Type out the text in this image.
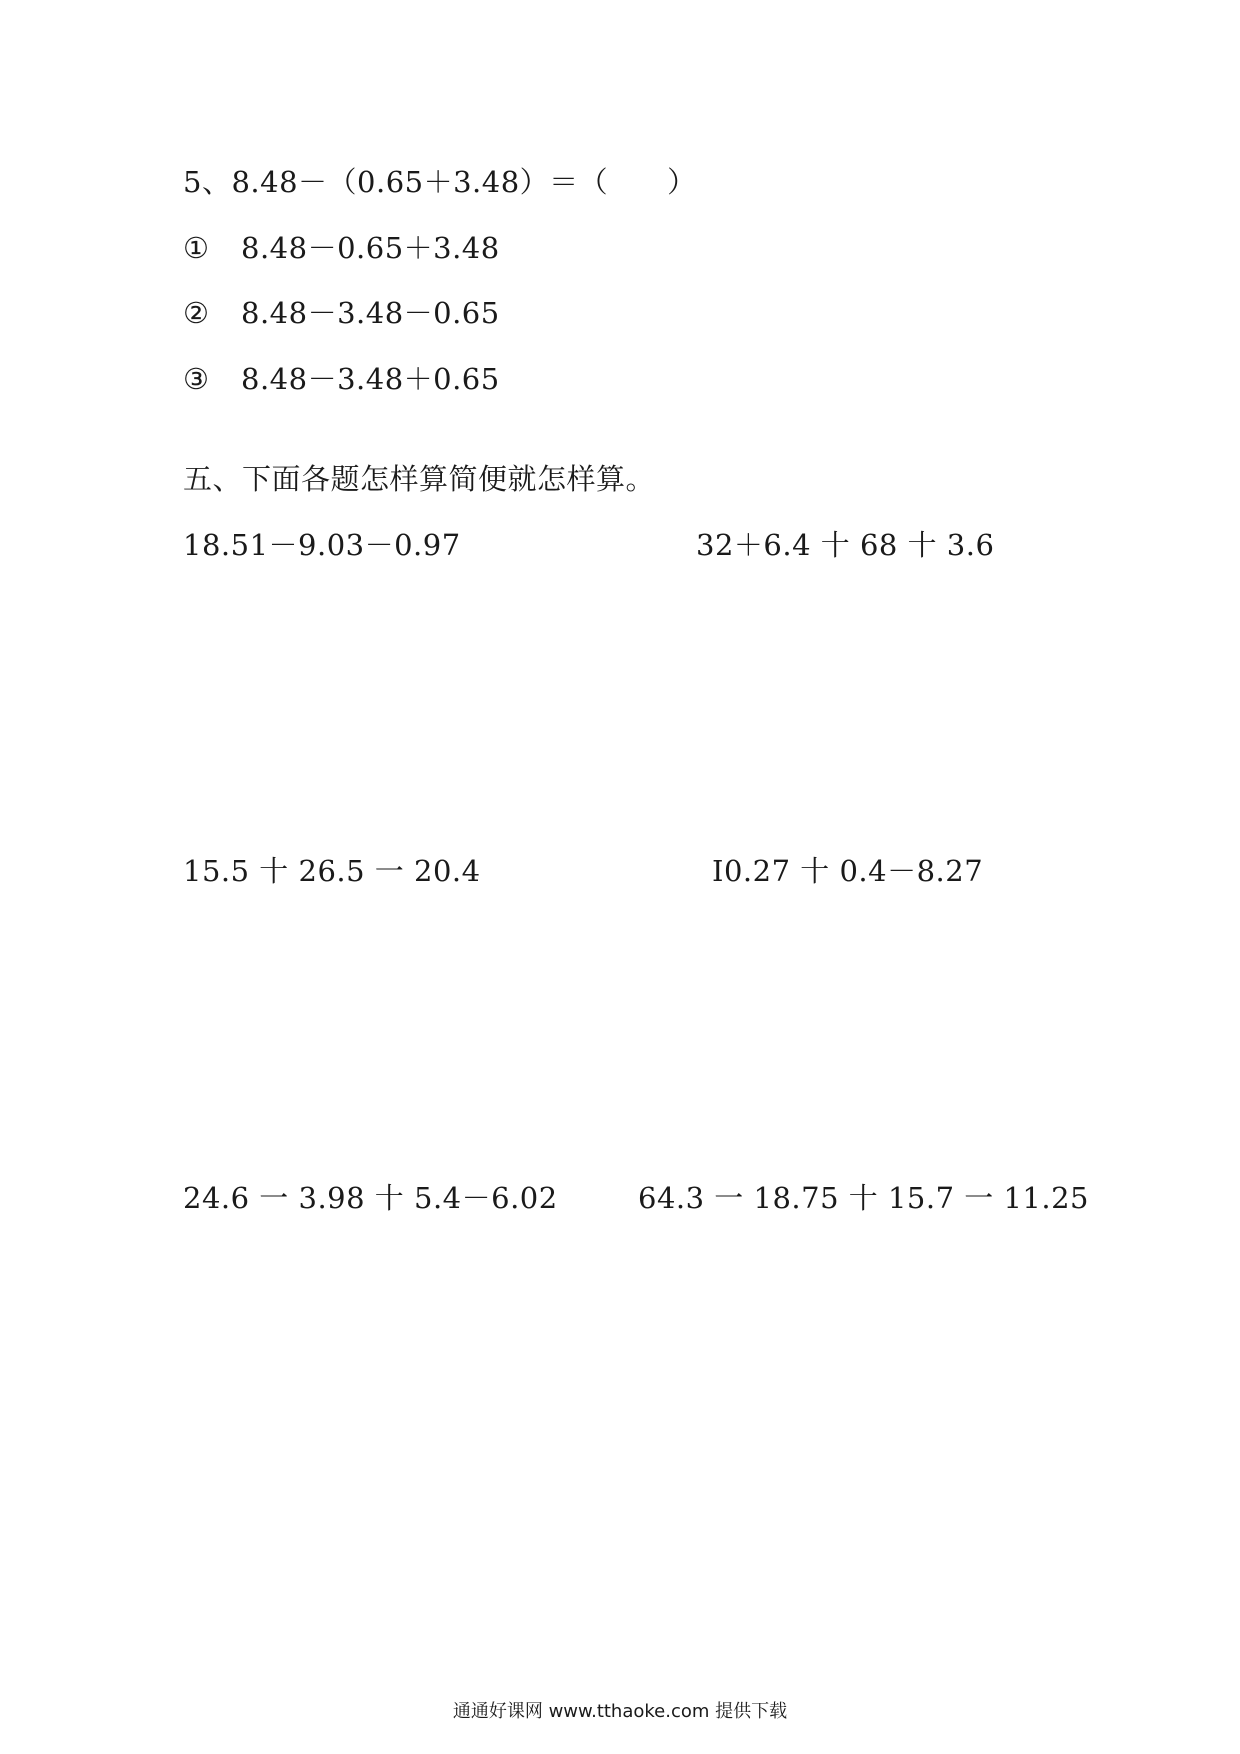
5、8.48－（0.65＋3.48）＝（　　）
① 8.48－0.65＋3.48
② 8.48－3.48－0.65
③ 8.48－3.48＋0.65
五、下面各题怎样算简便就怎样算。
18.51－9.03－0.97	32＋6.4 十 68 十 3.6
15.5 十 26.5 一 20.4	I0.27 十 0.4－8.27
24.6 一 3.98 十 5.4－6.02	64.3 一 18.75 十 15.7 一 11.25
通通好课网 www.tthaoke.com 提供下载
